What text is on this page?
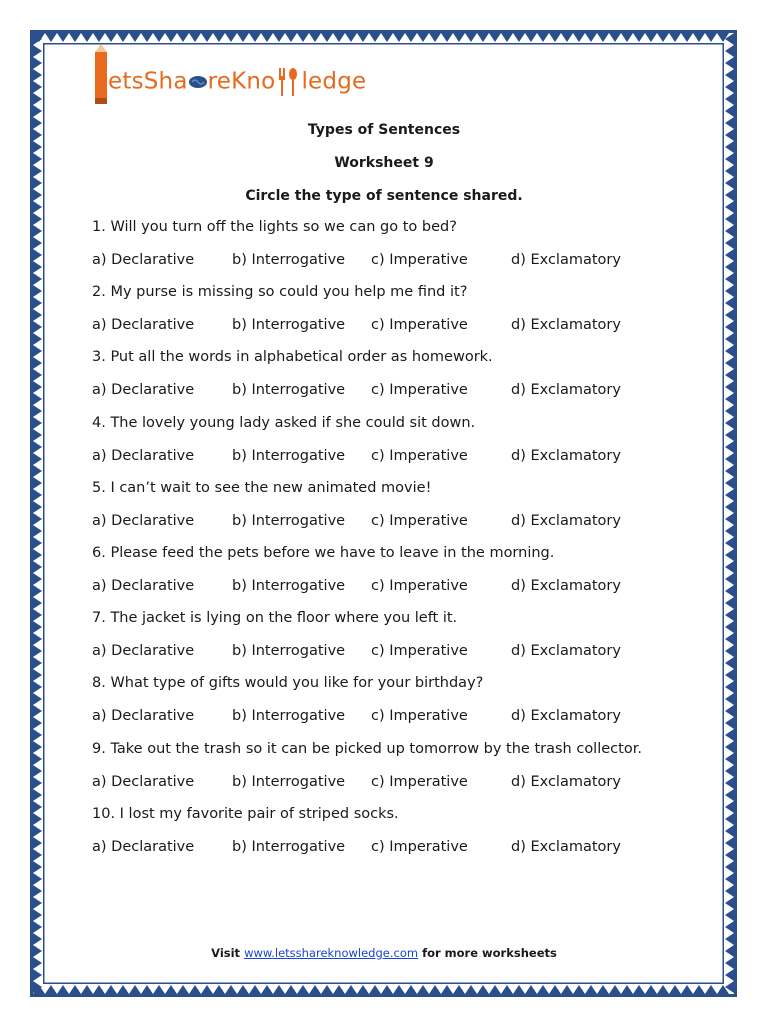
etsSha reKno ledge
Types of Sentences
Worksheet 9
Circle the type of sentence shared.
1. Will you turn off the lights so we can go to bed?
a) Declarative	b) Interrogative c) Imperative	d) Exclamatory
2. My purse is missing so could you help me find it?
a) Declarative	b) Interrogative c) Imperative	d) Exclamatory
3. Put all the words in alphabetical order as homework.
a) Declarative	b) Interrogative c) Imperative	d) Exclamatory
4. The lovely young lady asked if she could sit down.
a) Declarative	b) Interrogative c) Imperative	d) Exclamatory
5. I can’t wait to see the new animated movie!
a) Declarative	b) Interrogative c) Imperative	d) Exclamatory
6. Please feed the pets before we have to leave in the morning.
a) Declarative	b) Interrogative c) Imperative	d) Exclamatory
7. The jacket is lying on the floor where you left it.
a) Declarative	b) Interrogative c) Imperative	d) Exclamatory
8. What type of gifts would you like for your birthday?
a) Declarative	b) Interrogative c) Imperative	d) Exclamatory
9. Take out the trash so it can be picked up tomorrow by the trash collector.
a) Declarative	b) Interrogative c) Imperative	d) Exclamatory
10. I lost my favorite pair of striped socks.
a) Declarative	b) Interrogative c) Imperative	d) Exclamatory
Visit www.letsshareknowledge.com for more worksheets
